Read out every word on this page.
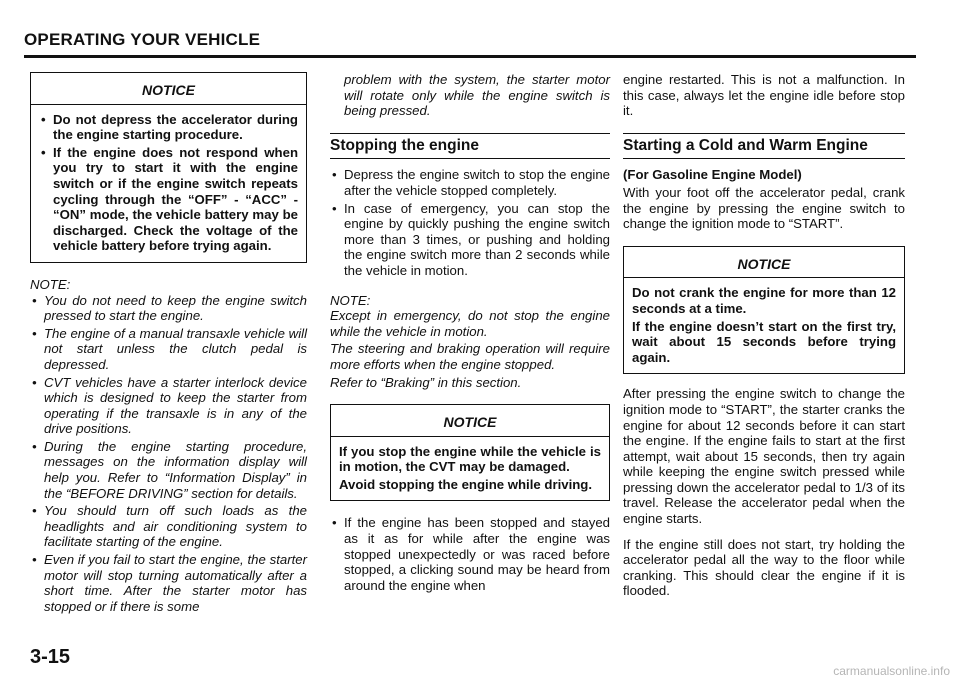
OPERATING YOUR VEHICLE
NOTICE
• Do not depress the accelerator during the engine starting procedure.
• If the engine does not respond when you try to start it with the engine switch or if the engine switch repeats cycling through the “OFF” - “ACC” - “ON” mode, the vehicle battery may be discharged. Check the voltage of the vehicle battery before trying again.
NOTE:
• You do not need to keep the engine switch pressed to start the engine.
• The engine of a manual transaxle vehicle will not start unless the clutch pedal is depressed.
• CVT vehicles have a starter interlock device which is designed to keep the starter from operating if the transaxle is in any of the drive positions.
• During the engine starting procedure, messages on the information display will help you. Refer to “Information Display” in the “BEFORE DRIVING” section for details.
• You should turn off such loads as the headlights and air conditioning system to facilitate starting of the engine.
• Even if you fail to start the engine, the starter motor will stop turning automatically after a short time. After the starter motor has stopped or if there is some

problem with the system, the starter motor will rotate only while the engine switch is being pressed.

Stopping the engine
• Depress the engine switch to stop the engine after the vehicle stopped completely.
• In case of emergency, you can stop the engine by quickly pushing the engine switch more than 3 times, or pushing and holding the engine switch more than 2 seconds while the vehicle in motion.
NOTE:

Except in emergency, do not stop the engine while the vehicle in motion.

The steering and braking operation will require more efforts when the engine stopped.

Refer to “Braking” in this section.

NOTICE

If you stop the engine while the vehicle is in motion, the CVT may be damaged.

Avoid stopping the engine while driving.

• If the engine has been stopped and stayed as it as for while after the engine was stopped unexpectedly or was raced before stopped, a clicking sound may be heard from around the engine when

engine restarted. This is not a malfunction. In this case, always let the engine idle before stop it.

Starting a Cold and Warm Engine

(For Gasoline Engine Model)

With your foot off the accelerator pedal, crank the engine by pressing the engine switch to change the ignition mode to “START”.

NOTICE

Do not crank the engine for more than 12 seconds at a time.

If the engine doesn’t start on the first try, wait about 15 seconds before trying again.

After pressing the engine switch to change the ignition mode to “START”, the starter cranks the engine for about 12 seconds before it can start the engine. If the engine fails to start at the first attempt, wait about 15 seconds, then try again while keeping the engine switch pressed while pressing down the accelerator pedal to 1/3 of its travel. Release the accelerator pedal when the engine starts.

If the engine still does not start, try holding the accelerator pedal all the way to the floor while cranking. This should clear the engine if it is flooded.

3-15
carmanualsonline.info
